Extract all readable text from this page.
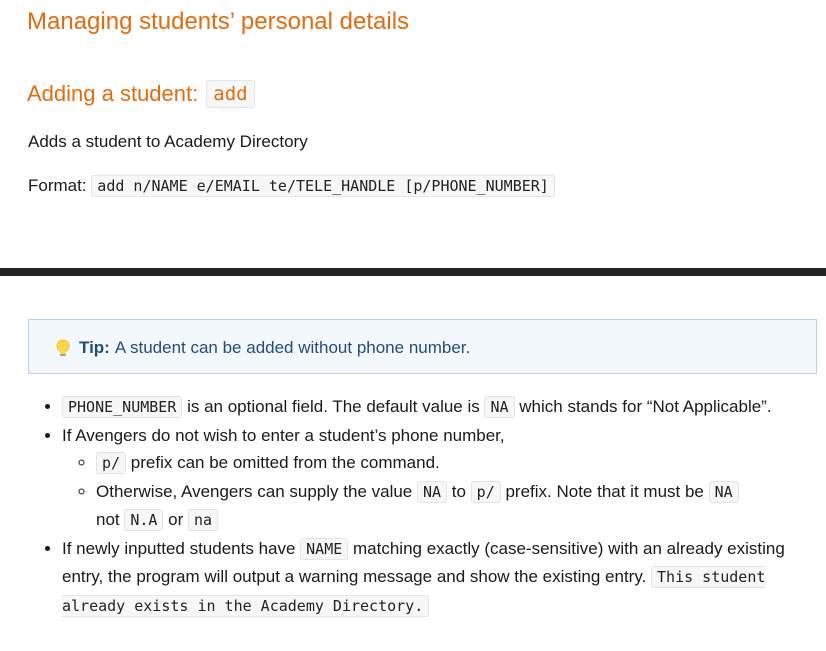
Managing students’ personal details
Adding a student: add
Adds a student to Academy Directory
Format: add n/NAME e/EMAIL te/TELE_HANDLE [p/PHONE_NUMBER]
Tip: A student can be added without phone number.
• PHONE_NUMBER is an optional field. The default value is NA which stands for “Not Applicable”.
• If Avengers do not wish to enter a student’s phone number,
◦ p/ prefix can be omitted from the command.
◦ Otherwise, Avengers can supply the value NA to p/ prefix. Note that it must be NA
not N.A or na
• If newly inputted students have NAME matching exactly (case-sensitive) with an already existing entry, the program will output a warning message and show the existing entry. This student already exists in the Academy Directory.
